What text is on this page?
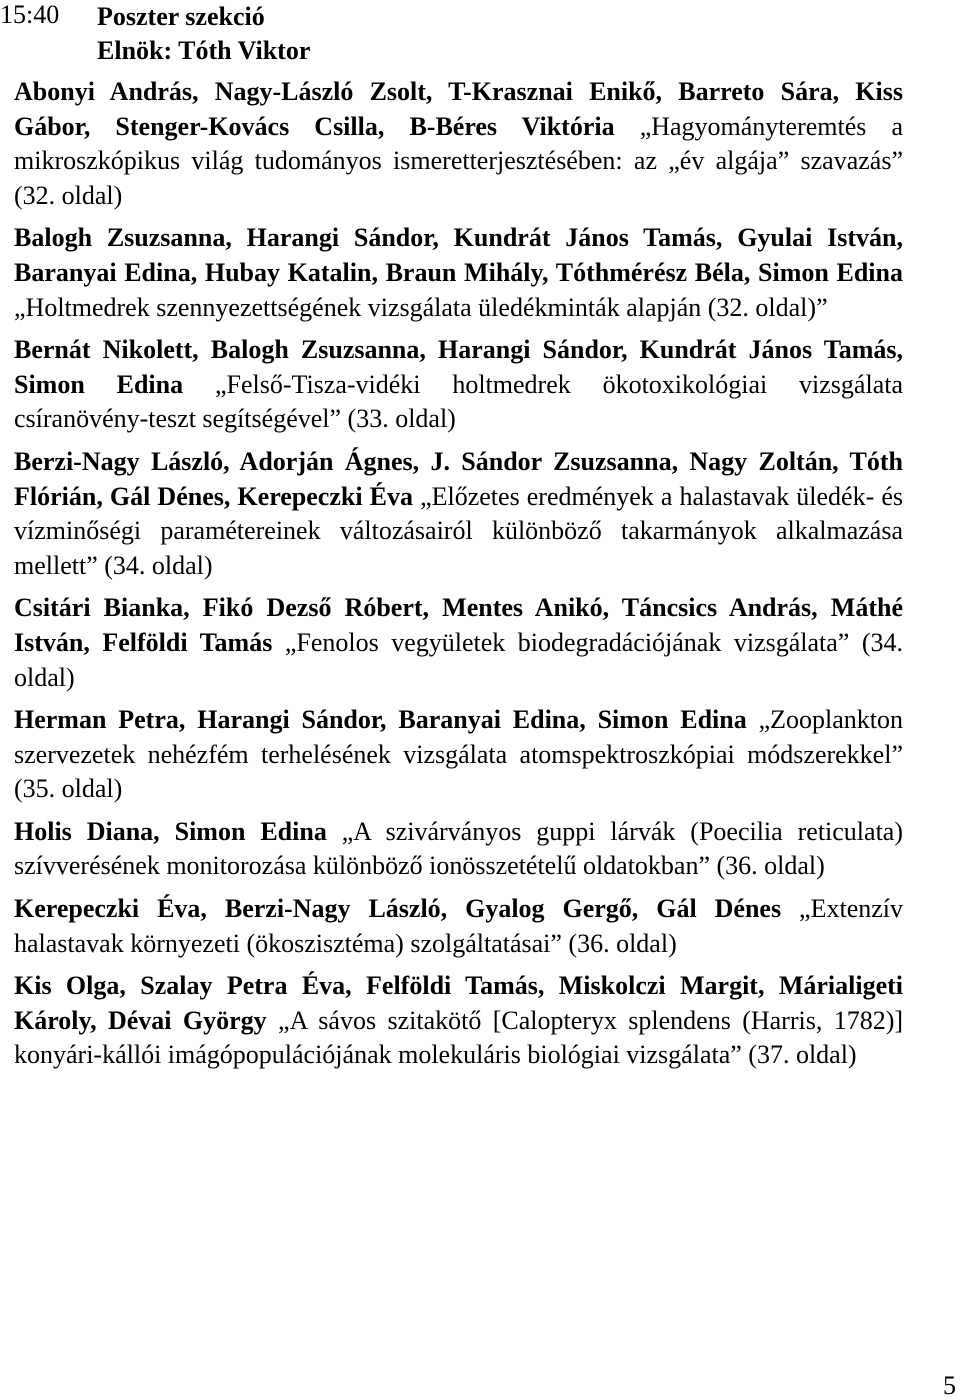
15:40 Poszter szekció
Elnök: Tóth Viktor

Abonyi András, Nagy-László Zsolt, T-Krasznai Enikő, Barreto Sára, Kiss Gábor, Stenger-Kovács Csilla, B-Béres Viktória „Hagyományteremtés a mikroszkópikus világ tudományos ismeretterjesztésében: az „év algája” szavazás” (32. oldal)

Balogh Zsuzsanna, Harangi Sándor, Kundrát János Tamás, Gyulai István, Baranyai Edina, Hubay Katalin, Braun Mihály, Tóthmérész Béla, Simon Edina „Holtmedrek szennyezettségének vizsgálata üledékminták alapján (32. oldal)”

Bernát Nikolett, Balogh Zsuzsanna, Harangi Sándor, Kundrát János Tamás, Simon Edina „Felső-Tisza-vidéki holtmedrek ökotoxikológiai vizsgálata csíranövény-teszt segítségével” (33. oldal)

Berzi-Nagy László, Adorján Ágnes, J. Sándor Zsuzsanna, Nagy Zoltán, Tóth Flórián, Gál Dénes, Kerepeczki Éva „Előzetes eredmények a halastavak üledék- és vízminőségi paramétereinek változásairól különböző takarmányok alkalmazása mellett” (34. oldal)

Csitári Bianka, Fikó Dezső Róbert, Mentes Anikó, Táncsics András, Máthé István, Felföldi Tamás „Fenolos vegyületek biodegradációjának vizsgálata” (34. oldal)

Herman Petra, Harangi Sándor, Baranyai Edina, Simon Edina „Zooplankton szervezetek nehézfém terhelésének vizsgálata atomspektroszkópiai módszerekkel” (35. oldal)

Holis Diana, Simon Edina „A szivárványos guppi lárvák (Poecilia reticulata) szívverésének monitorozása különböző ionösszetételű oldatokban” (36. oldal)

Kerepeczki Éva, Berzi-Nagy László, Gyalog Gergő, Gál Dénes „Extenzív halastavak környezeti (ökoszisztéma) szolgáltatásai” (36. oldal)

Kis Olga, Szalay Petra Éva, Felföldi Tamás, Miskolczi Margit, Márialigeti Károly, Dévai György „A sávos szitakötő [Calopteryx splendens (Harris, 1782)] konyári-kállói imágópopulációjának molekuláris biológiai vizsgálata” (37. oldal)

5
